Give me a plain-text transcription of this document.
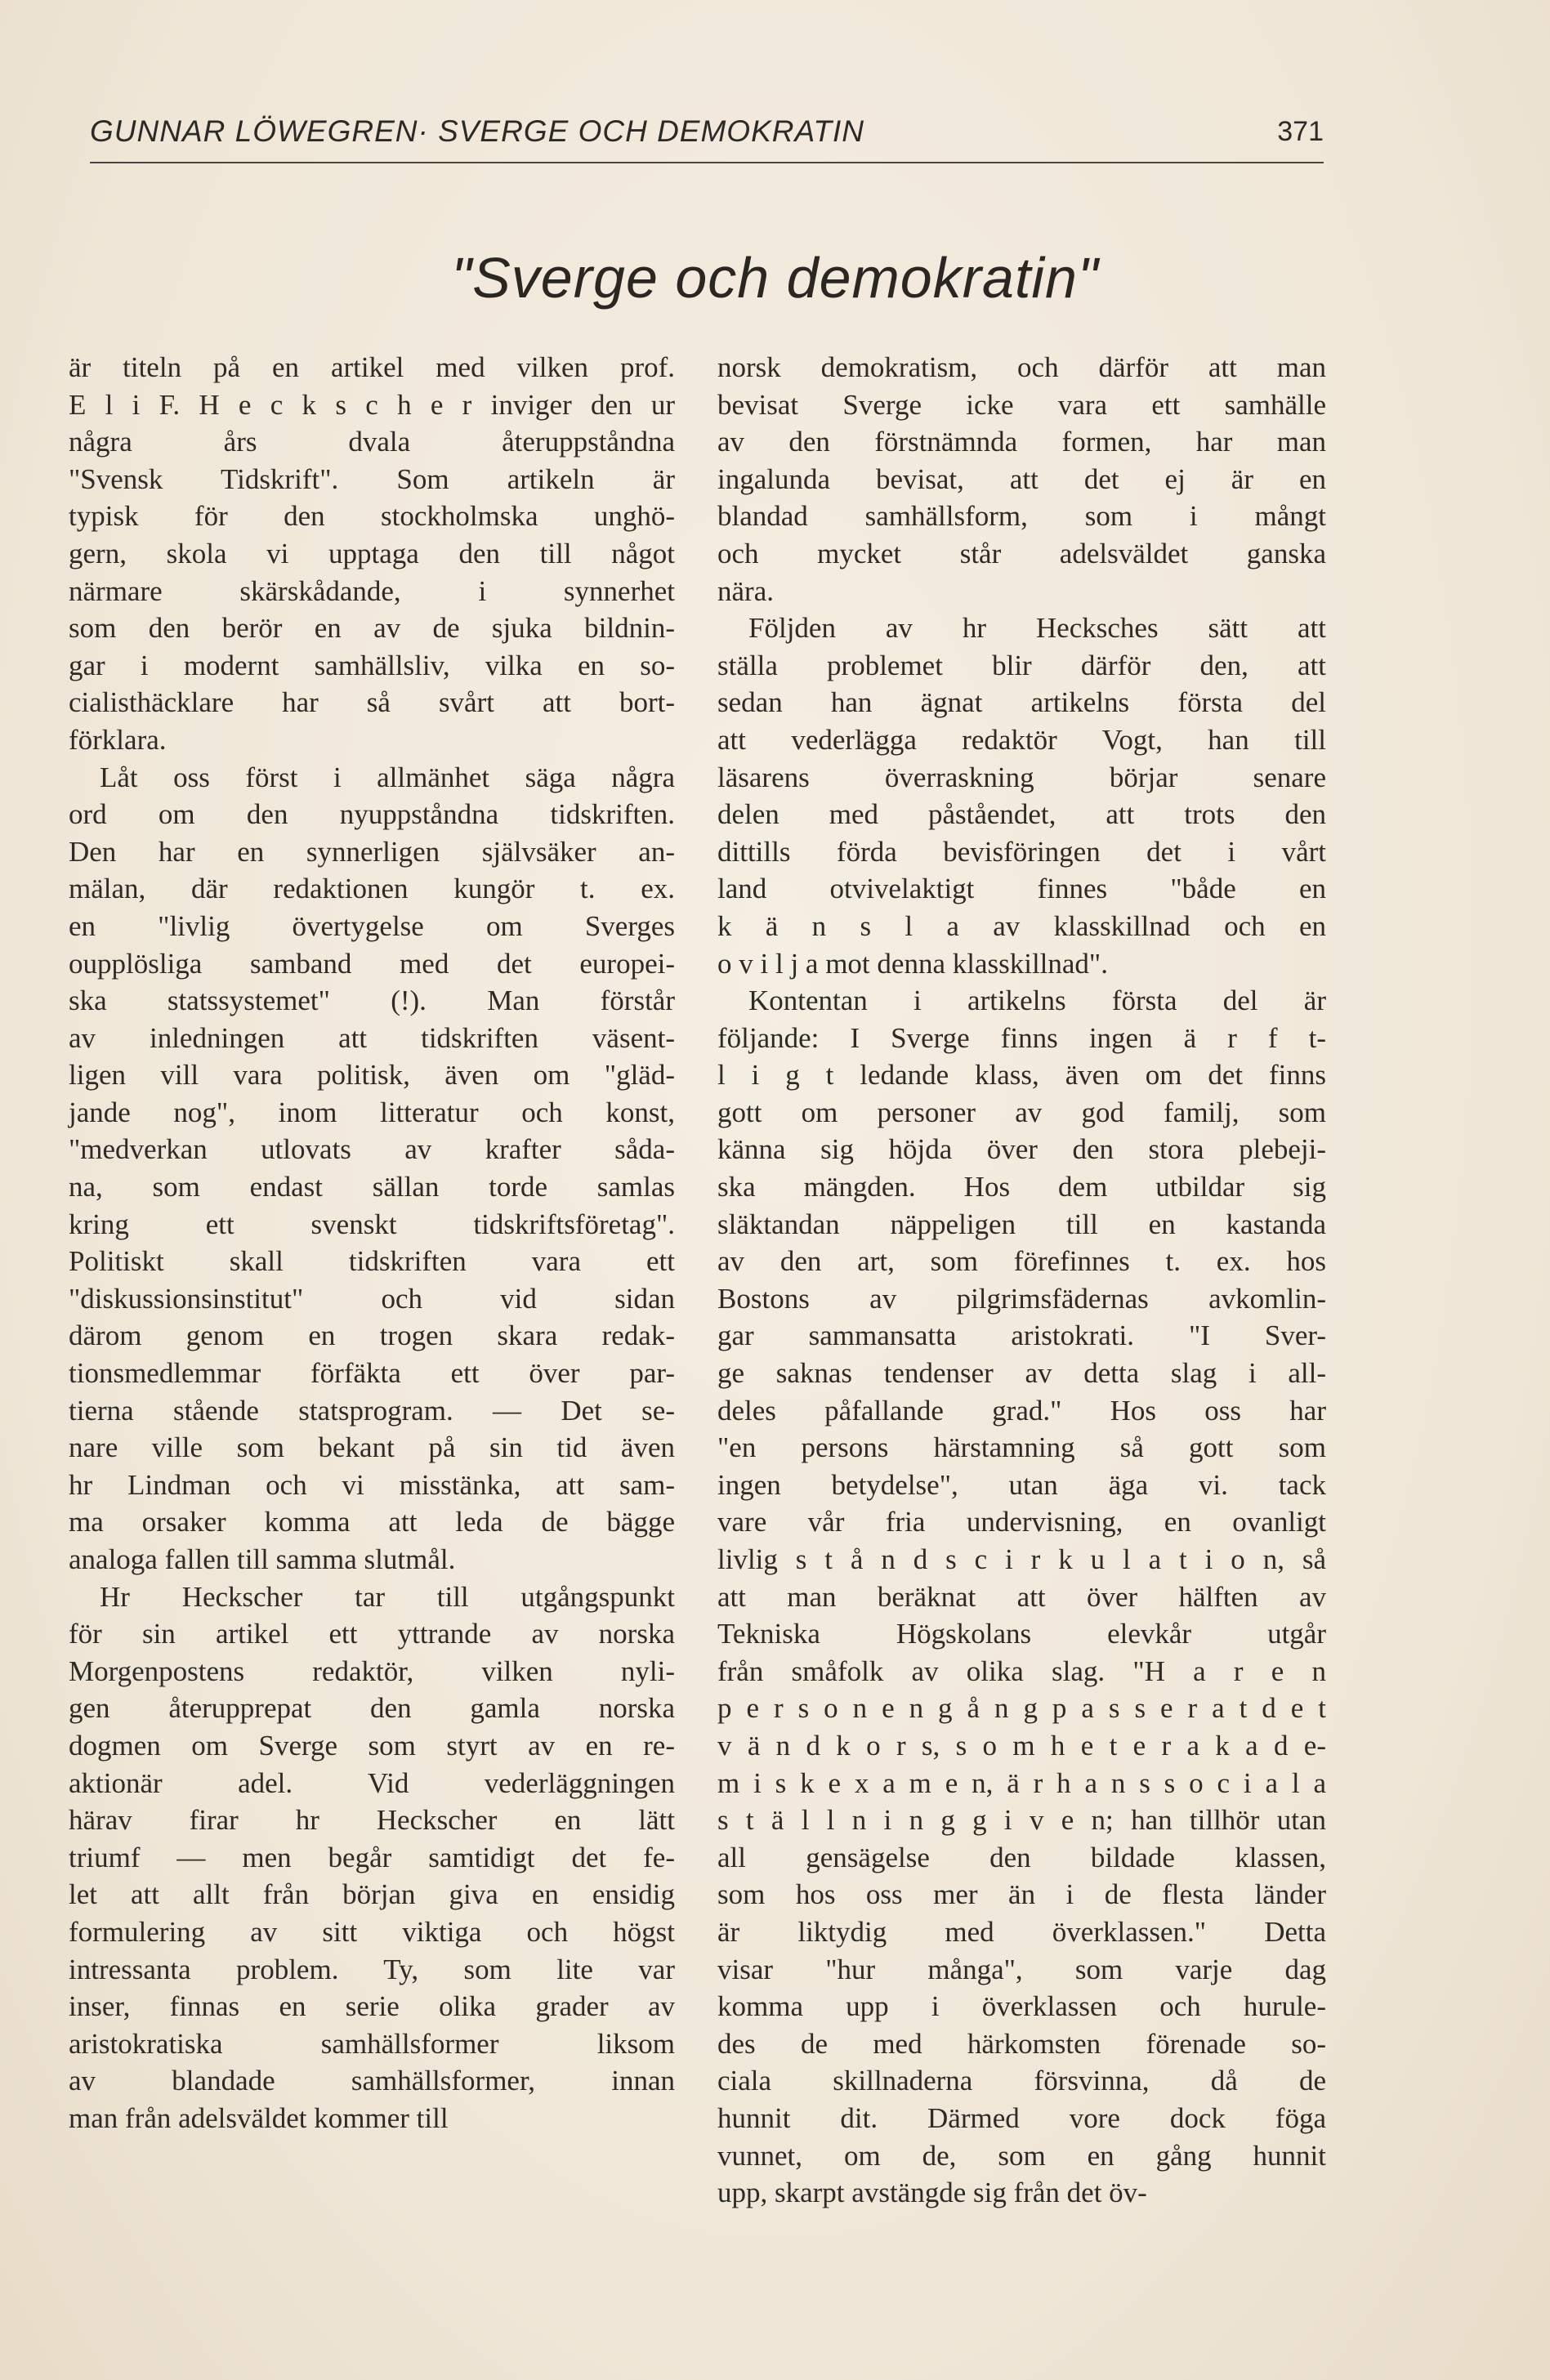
GUNNAR LÖWEGREN· SVERGE OCH DEMOKRATIN	371
"Sverge och demokratin"
är titeln på en artikel med vilken prof.
E l i F. H e c k s c h e r inviger den ur
några års dvala återuppståndna
"Svensk Tidskrift". Som artikeln är
typisk för den stockholmska unghö-
gern, skola vi upptaga den till något
närmare skärskådande, i synnerhet
som den berör en av de sjuka bildnin-
gar i modernt samhällsliv, vilka en so-
cialisthäcklare har så svårt att bort-
förklara.
Låt oss först i allmänhet säga några
ord om den nyuppståndna tidskriften.
Den har en synnerligen självsäker an-
mälan, där redaktionen kungör t. ex.
en "livlig övertygelse om Sverges
oupplösliga samband med det europei-
ska statssystemet" (!). Man förstår
av inledningen att tidskriften väsent-
ligen vill vara politisk, även om "gläd-
jande nog", inom litteratur och konst,
"medverkan utlovats av krafter såda-
na, som endast sällan torde samlas
kring ett svenskt tidskriftsföretag".
Politiskt skall tidskriften vara ett
"diskussionsinstitut" och vid sidan
därom genom en trogen skara redak-
tionsmedlemmar förfäkta ett över par-
tierna stående statsprogram. — Det se-
nare ville som bekant på sin tid även
hr Lindman och vi misstänka, att sam-
ma orsaker komma att leda de bägge
analoga fallen till samma slutmål.
Hr Heckscher tar till utgångspunkt
för sin artikel ett yttrande av norska
Morgenpostens redaktör, vilken nyli-
gen återupprepat den gamla norska
dogmen om Sverge som styrt av en re-
aktionär adel. Vid vederläggningen
härav firar hr Heckscher en lätt
triumf — men begår samtidigt det fe-
let att allt från början giva en ensidig
formulering av sitt viktiga och högst
intressanta problem. Ty, som lite var
inser, finnas en serie olika grader av
aristokratiska samhällsformer liksom
av blandade samhällsformer, innan
man från adelsväldet kommer till
norsk demokratism, och därför att man
bevisat Sverge icke vara ett samhälle
av den förstnämnda formen, har man
ingalunda bevisat, att det ej är en
blandad samhällsform, som i mångt
och mycket står adelsväldet ganska
nära.
Följden av hr Hecksches sätt att
ställa problemet blir därför den, att
sedan han ägnat artikelns första del
att vederlägga redaktör Vogt, han till
läsarens överraskning börjar senare
delen med påståendet, att trots den
dittills förda bevisföringen det i vårt
land otvivelaktigt finnes "både en
k ä n s l a av klasskillnad och en
o v i l j a mot denna klasskillnad".
Kontentan i artikelns första del är
följande: I Sverge finns ingen ä r f t-
l i g t ledande klass, även om det finns
gott om personer av god familj, som
känna sig höjda över den stora plebeji-
ska mängden. Hos dem utbildar sig
släktandan näppeligen till en kastanda
av den art, som förefinnes t. ex. hos
Bostons av pilgrimsfädernas avkomlin-
gar sammansatta aristokrati. "I Sver-
ge saknas tendenser av detta slag i all-
deles påfallande grad." Hos oss har
"en persons härstamning så gott som
ingen betydelse", utan äga vi. tack
vare vår fria undervisning, en ovanligt
livlig s t å n d s c i r k u l a t i o n, så
att man beräknat att över hälften av
Tekniska Högskolans elevkår utgår
från småfolk av olika slag. "H a r e n
p e r s o n e n g å n g p a s s e r a t d e t
v ä n d k o r s, s o m h e t e r a k a d e-
m i s k e x a m e n, ä r h a n s s o c i a l a
s t ä l l n i n g g i v e n; han tillhör utan
all gensägelse den bildade klassen,
som hos oss mer än i de flesta länder
är liktydig med överklassen." Detta
visar "hur många", som varje dag
komma upp i överklassen och hurule-
des de med härkomsten förenade so-
ciala skillnaderna försvinna, då de
hunnit dit. Därmed vore dock föga
vunnet, om de, som en gång hunnit
upp, skarpt avstängde sig från det öv-
